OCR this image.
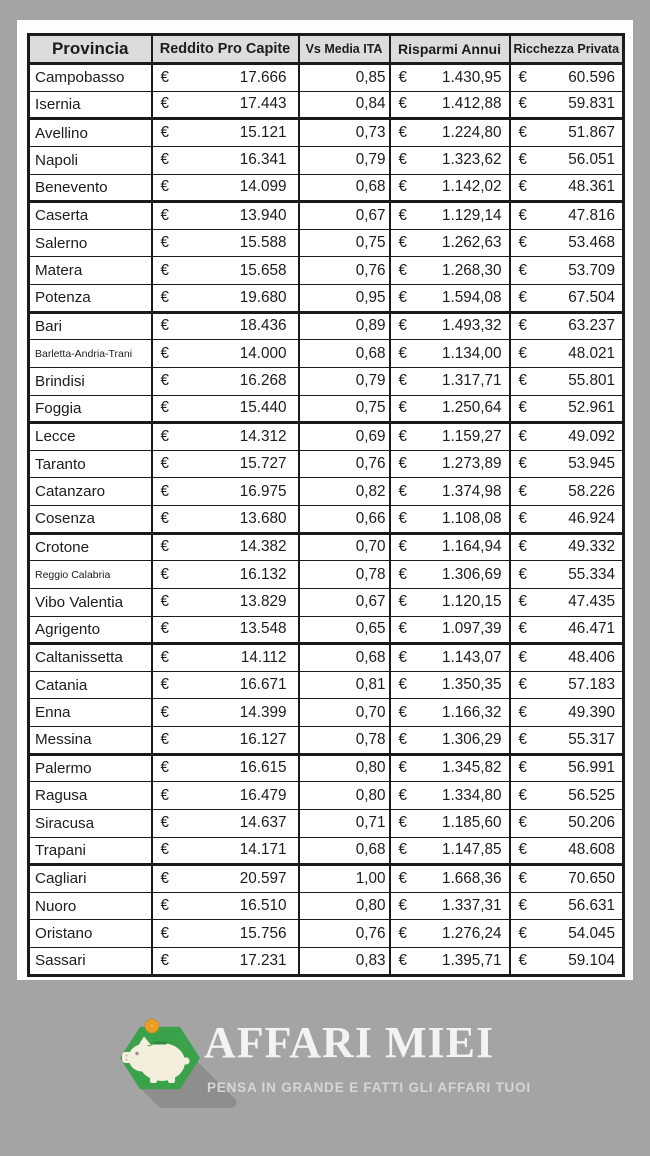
Provincia	Reddito Pro Capite	Vs Media ITA	Risparmi Annui	Ricchezza Privata
Campobasso	€ 17.666	0,85	€ 1.430,95	€ 60.596

Isernia	€ 17.443	0,84	€ 1.412,88	€ 59.831

Avellino	€ 15.121	0,73	€ 1.224,80	€ 51.867

Napoli	€ 16.341	0,79	€ 1.323,62	€ 56.051

Benevento	€ 14.099	0,68	€ 1.142,02	€ 48.361

Caserta	€ 13.940	0,67	€ 1.129,14	€ 47.816

Salerno	€ 15.588	0,75	€ 1.262,63	€ 53.468

Matera	€ 15.658	0,76	€ 1.268,30	€ 53.709

Potenza	€ 19.680	0,95	€ 1.594,08	€ 67.504

Bari	€ 18.436	0,89	€ 1.493,32	€ 63.237

Barletta-Andria-Trani	€ 14.000	0,68	€ 1.134,00	€ 48.021

Brindisi	€ 16.268	0,79	€ 1.317,71	€ 55.801

Foggia	€ 15.440	0,75	€ 1.250,64	€ 52.961

Lecce	€ 14.312	0,69	€ 1.159,27	€ 49.092

Taranto	€ 15.727	0,76	€ 1.273,89	€ 53.945

Catanzaro	€ 16.975	0,82	€ 1.374,98	€ 58.226

Cosenza	€ 13.680	0,66	€ 1.108,08	€ 46.924

Crotone	€ 14.382	0,70	€ 1.164,94	€ 49.332

Reggio Calabria	€ 16.132	0,78	€ 1.306,69	€ 55.334

Vibo Valentia	€ 13.829	0,67	€ 1.120,15	€ 47.435

Agrigento	€ 13.548	0,65	€ 1.097,39	€ 46.471

Caltanissetta	€ 14.112	0,68	€ 1.143,07	€ 48.406

Catania	€ 16.671	0,81	€ 1.350,35	€ 57.183

Enna	€ 14.399	0,70	€ 1.166,32	€ 49.390

Messina	€ 16.127	0,78	€ 1.306,29	€ 55.317

Palermo	€ 16.615	0,80	€ 1.345,82	€ 56.991

Ragusa	€ 16.479	0,80	€ 1.334,80	€ 56.525

Siracusa	€ 14.637	0,71	€ 1.185,60	€ 50.206

Trapani	€ 14.171	0,68	€ 1.147,85	€ 48.608

Cagliari	€ 20.597	1,00	€ 1.668,36	€ 70.650

Nuoro	€ 16.510	0,80	€ 1.337,31	€ 56.631

Oristano	€ 15.756	0,76	€ 1.276,24	€ 54.045

Sassari	€ 17.231	0,83	€ 1.395,71	€ 59.104
AFFARI MIEI
PENSA IN GRANDE E FATTI GLI AFFARI TUOI
